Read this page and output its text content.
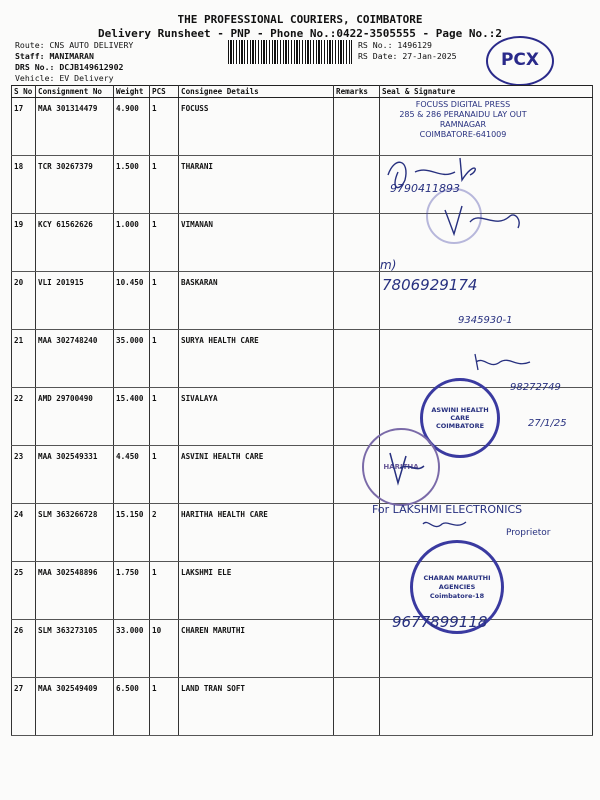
THE PROFESSIONAL COURIERS, COIMBATORE
Delivery Runsheet - PNP - Phone No.:0422-3505555 - Page No.:2
Route: CNS AUTO DELIVERY
Staff: MANIMARAN
DRS No.: DCJB149612902
Vehicle: EV Delivery
RS No.: 1496129
RS Date: 27-Jan-2025	PCX
S No	Consignment No	Weight	PCS	Consignee Details	Remarks	Seal & Signature
17	MAA 301314479	4.900	1	FOCUSS		
18	TCR 30267379	1.500	1	THARANI		
19	KCY 61562626	1.000	1	VIMANAN		
20	VLI 201915	10.450	1	BASKARAN		
21	MAA 302748240	35.000	1	SURYA HEALTH CARE		
22	AMD 29700490	15.400	1	SIVALAYA		
23	MAA 302549331	4.450	1	ASVINI HEALTH CARE		
24	SLM 363266728	15.150	2	HARITHA HEALTH CARE		
25	MAA 302548896	1.750	1	LAKSHMI ELE		
26	SLM 363273105	33.000	10	CHAREN MARUTHI		
27	MAA 302549409	6.500	1	LAND TRAN SOFT		
FOCUSS DIGITAL PRESS
285 & 286 PERANAIDU LAY OUT
RAMNAGAR
COIMBATORE-641009
9790411893
m)
7806929174
9345930-1
98272749
ASWINI HEALTH CARE
COIMBATORE	27/1/25
HARITHA
For LAKSHMI ELECTRONICS
Proprietor
CHARAN MARUTHI AGENCIES
Coimbatore-18
9677899118
